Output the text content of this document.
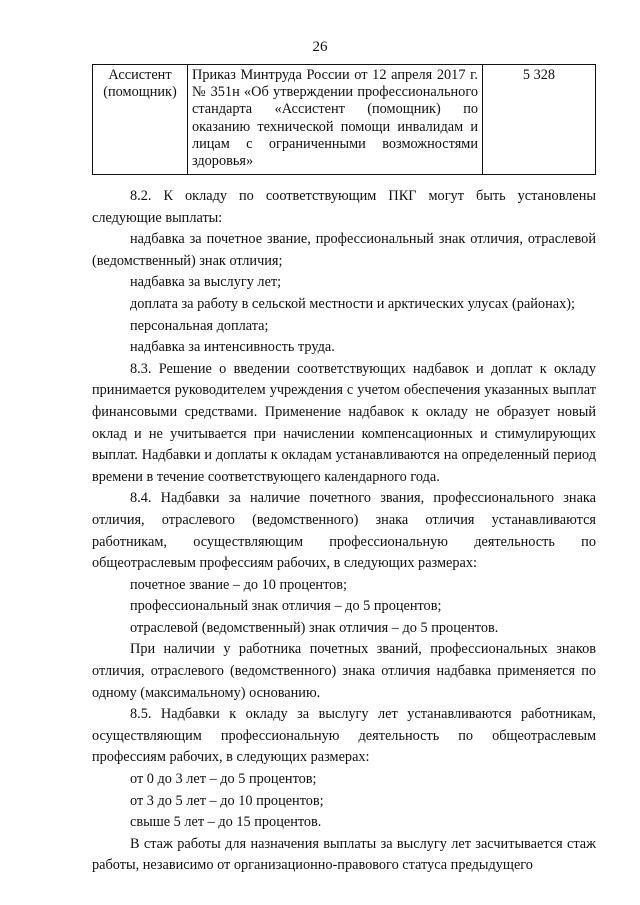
26
Ассистент (помощник)	Приказ Минтруда России от 12 апреля 2017 г. № 351н «Об утверждении профессионального стандарта «Ассистент (помощник) по оказанию технической помощи инвалидам и лицам с ограниченными возможностями здоровья»	5 328

8.2. К окладу по соответствующим ПКГ могут быть установлены следующие выплаты:

надбавка за почетное звание, профессиональный знак отличия, отраслевой (ведомственный) знак отличия;

надбавка за выслугу лет;

доплата за работу в сельской местности и арктических улусах (районах);

персональная доплата;

надбавка за интенсивность труда.

8.3. Решение о введении соответствующих надбавок и доплат к окладу принимается руководителем учреждения с учетом обеспечения указанных выплат финансовыми средствами. Применение надбавок к окладу не образует новый оклад и не учитывается при начислении компенсационных и стимулирующих выплат. Надбавки и доплаты к окладам устанавливаются на определенный период времени в течение соответствующего календарного года.

8.4. Надбавки за наличие почетного звания, профессионального знака отличия, отраслевого (ведомственного) знака отличия устанавливаются работникам, осуществляющим профессиональную деятельность по общеотраслевым профессиям рабочих, в следующих размерах:

почетное звание – до 10 процентов;

профессиональный знак отличия – до 5 процентов;

отраслевой (ведомственный) знак отличия – до 5 процентов.

При наличии у работника почетных званий, профессиональных знаков отличия, отраслевого (ведомственного) знака отличия надбавка применяется по одному (максимальному) основанию.

8.5. Надбавки к окладу за выслугу лет устанавливаются работникам, осуществляющим профессиональную деятельность по общеотраслевым профессиям рабочих, в следующих размерах:

от 0 до 3 лет – до 5 процентов;

от 3 до 5 лет – до 10 процентов;

свыше 5 лет – до 15 процентов.

В стаж работы для назначения выплаты за выслугу лет засчитывается стаж работы, независимо от организационно-правового статуса предыдущего
